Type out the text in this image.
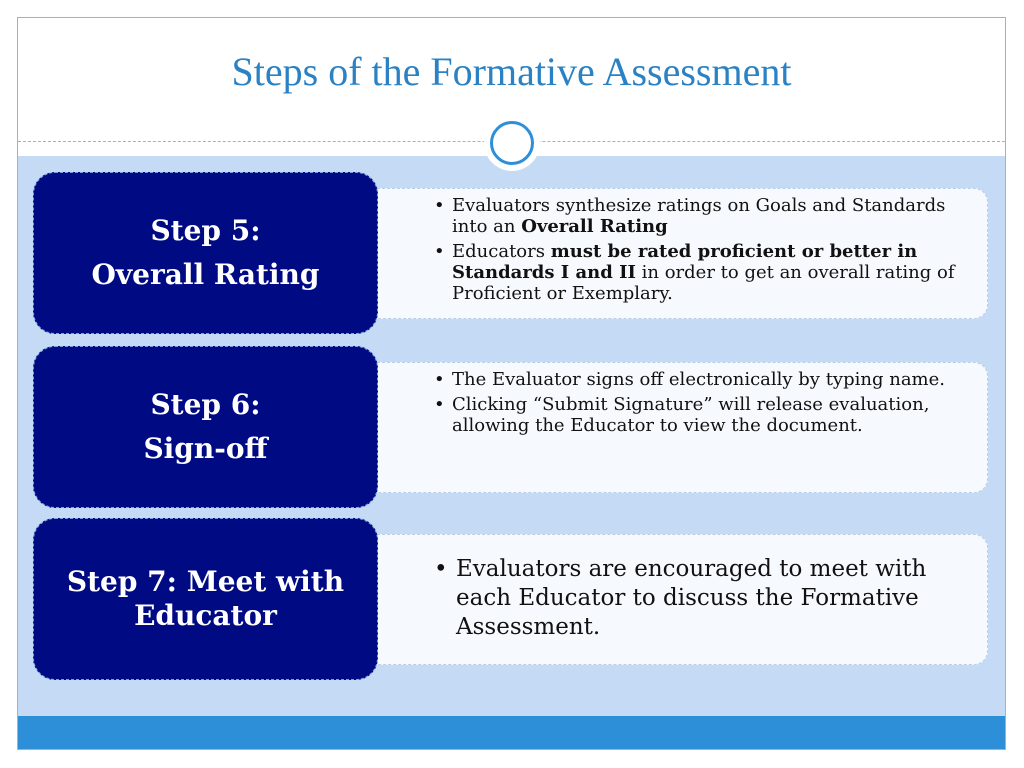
Steps of the Formative Assessment
• Evaluators synthesize ratings on Goals and Standards into an Overall Rating
• Educators must be rated proficient or better in Standards I and II in order to get an overall rating of Proficient or Exemplary.
Step 5:
Overall Rating
• The Evaluator signs off electronically by typing name.
• Clicking “Submit Signature” will release evaluation, allowing the Educator to view the document.
Step 6:
Sign-off
• Evaluators are encouraged to meet with each Educator to discuss the Formative Assessment.
Step 7: Meet with
Educator
